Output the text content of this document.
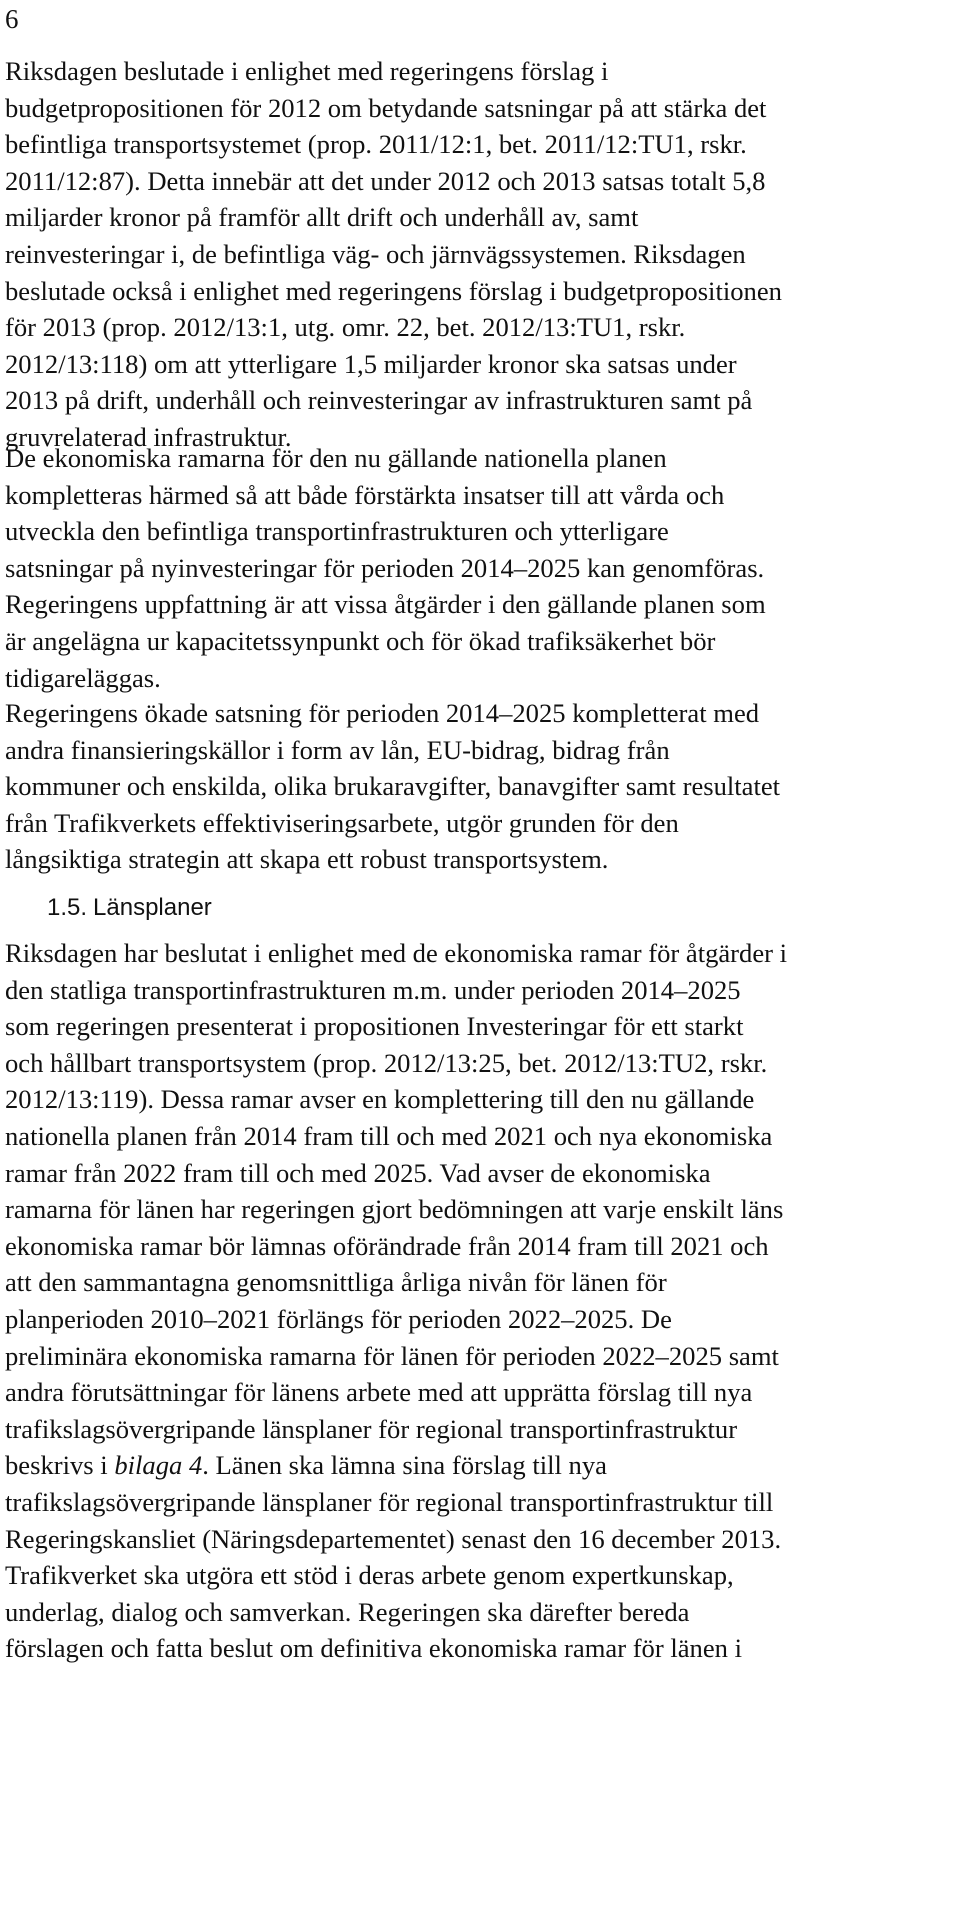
6

Riksdagen beslutade i enlighet med regeringens förslag i
budgetpropositionen för 2012 om betydande satsningar på att stärka det
befintliga transportsystemet (prop. 2011/12:1, bet. 2011/12:TU1, rskr.
2011/12:87). Detta innebär att det under 2012 och 2013 satsas totalt 5,8
miljarder kronor på framför allt drift och underhåll av, samt
reinvesteringar i, de befintliga väg- och järnvägssystemen. Riksdagen
beslutade också i enlighet med regeringens förslag i budgetpropositionen
för 2013 (prop. 2012/13:1, utg. omr. 22, bet. 2012/13:TU1, rskr.
2012/13:118) om att ytterligare 1,5 miljarder kronor ska satsas under
2013 på drift, underhåll och reinvesteringar av infrastrukturen samt på
gruvrelaterad infrastruktur.
De ekonomiska ramarna för den nu gällande nationella planen
kompletteras härmed så att både förstärkta insatser till att vårda och
utveckla den befintliga transportinfrastrukturen och ytterligare
satsningar på nyinvesteringar för perioden 2014–2025 kan genomföras.
Regeringens uppfattning är att vissa åtgärder i den gällande planen som
är angelägna ur kapacitetssynpunkt och för ökad trafiksäkerhet bör
tidigareläggas.
Regeringens ökade satsning för perioden 2014–2025 kompletterat med
andra finansieringskällor i form av lån, EU-bidrag, bidrag från
kommuner och enskilda, olika brukaravgifter, banavgifter samt resultatet
från Trafikverkets effektiviseringsarbete, utgör grunden för den
långsiktiga strategin att skapa ett robust transportsystem.
1.5. Länsplaner
Riksdagen har beslutat i enlighet med de ekonomiska ramar för åtgärder i
den statliga transportinfrastrukturen m.m. under perioden 2014–2025
som regeringen presenterat i propositionen Investeringar för ett starkt
och hållbart transportsystem (prop. 2012/13:25, bet. 2012/13:TU2, rskr.
2012/13:119). Dessa ramar avser en komplettering till den nu gällande
nationella planen från 2014 fram till och med 2021 och nya ekonomiska
ramar från 2022 fram till och med 2025. Vad avser de ekonomiska
ramarna för länen har regeringen gjort bedömningen att varje enskilt läns
ekonomiska ramar bör lämnas oförändrade från 2014 fram till 2021 och
att den sammantagna genomsnittliga årliga nivån för länen för
planperioden 2010–2021 förlängs för perioden 2022–2025. De
preliminära ekonomiska ramarna för länen för perioden 2022–2025 samt
andra förutsättningar för länens arbete med att upprätta förslag till nya
trafikslagsövergripande länsplaner för regional transportinfrastruktur
beskrivs i bilaga 4. Länen ska lämna sina förslag till nya
trafikslagsövergripande länsplaner för regional transportinfrastruktur till
Regeringskansliet (Näringsdepartementet) senast den 16 december 2013.
Trafikverket ska utgöra ett stöd i deras arbete genom expertkunskap,
underlag, dialog och samverkan. Regeringen ska därefter bereda
förslagen och fatta beslut om definitiva ekonomiska ramar för länen i
